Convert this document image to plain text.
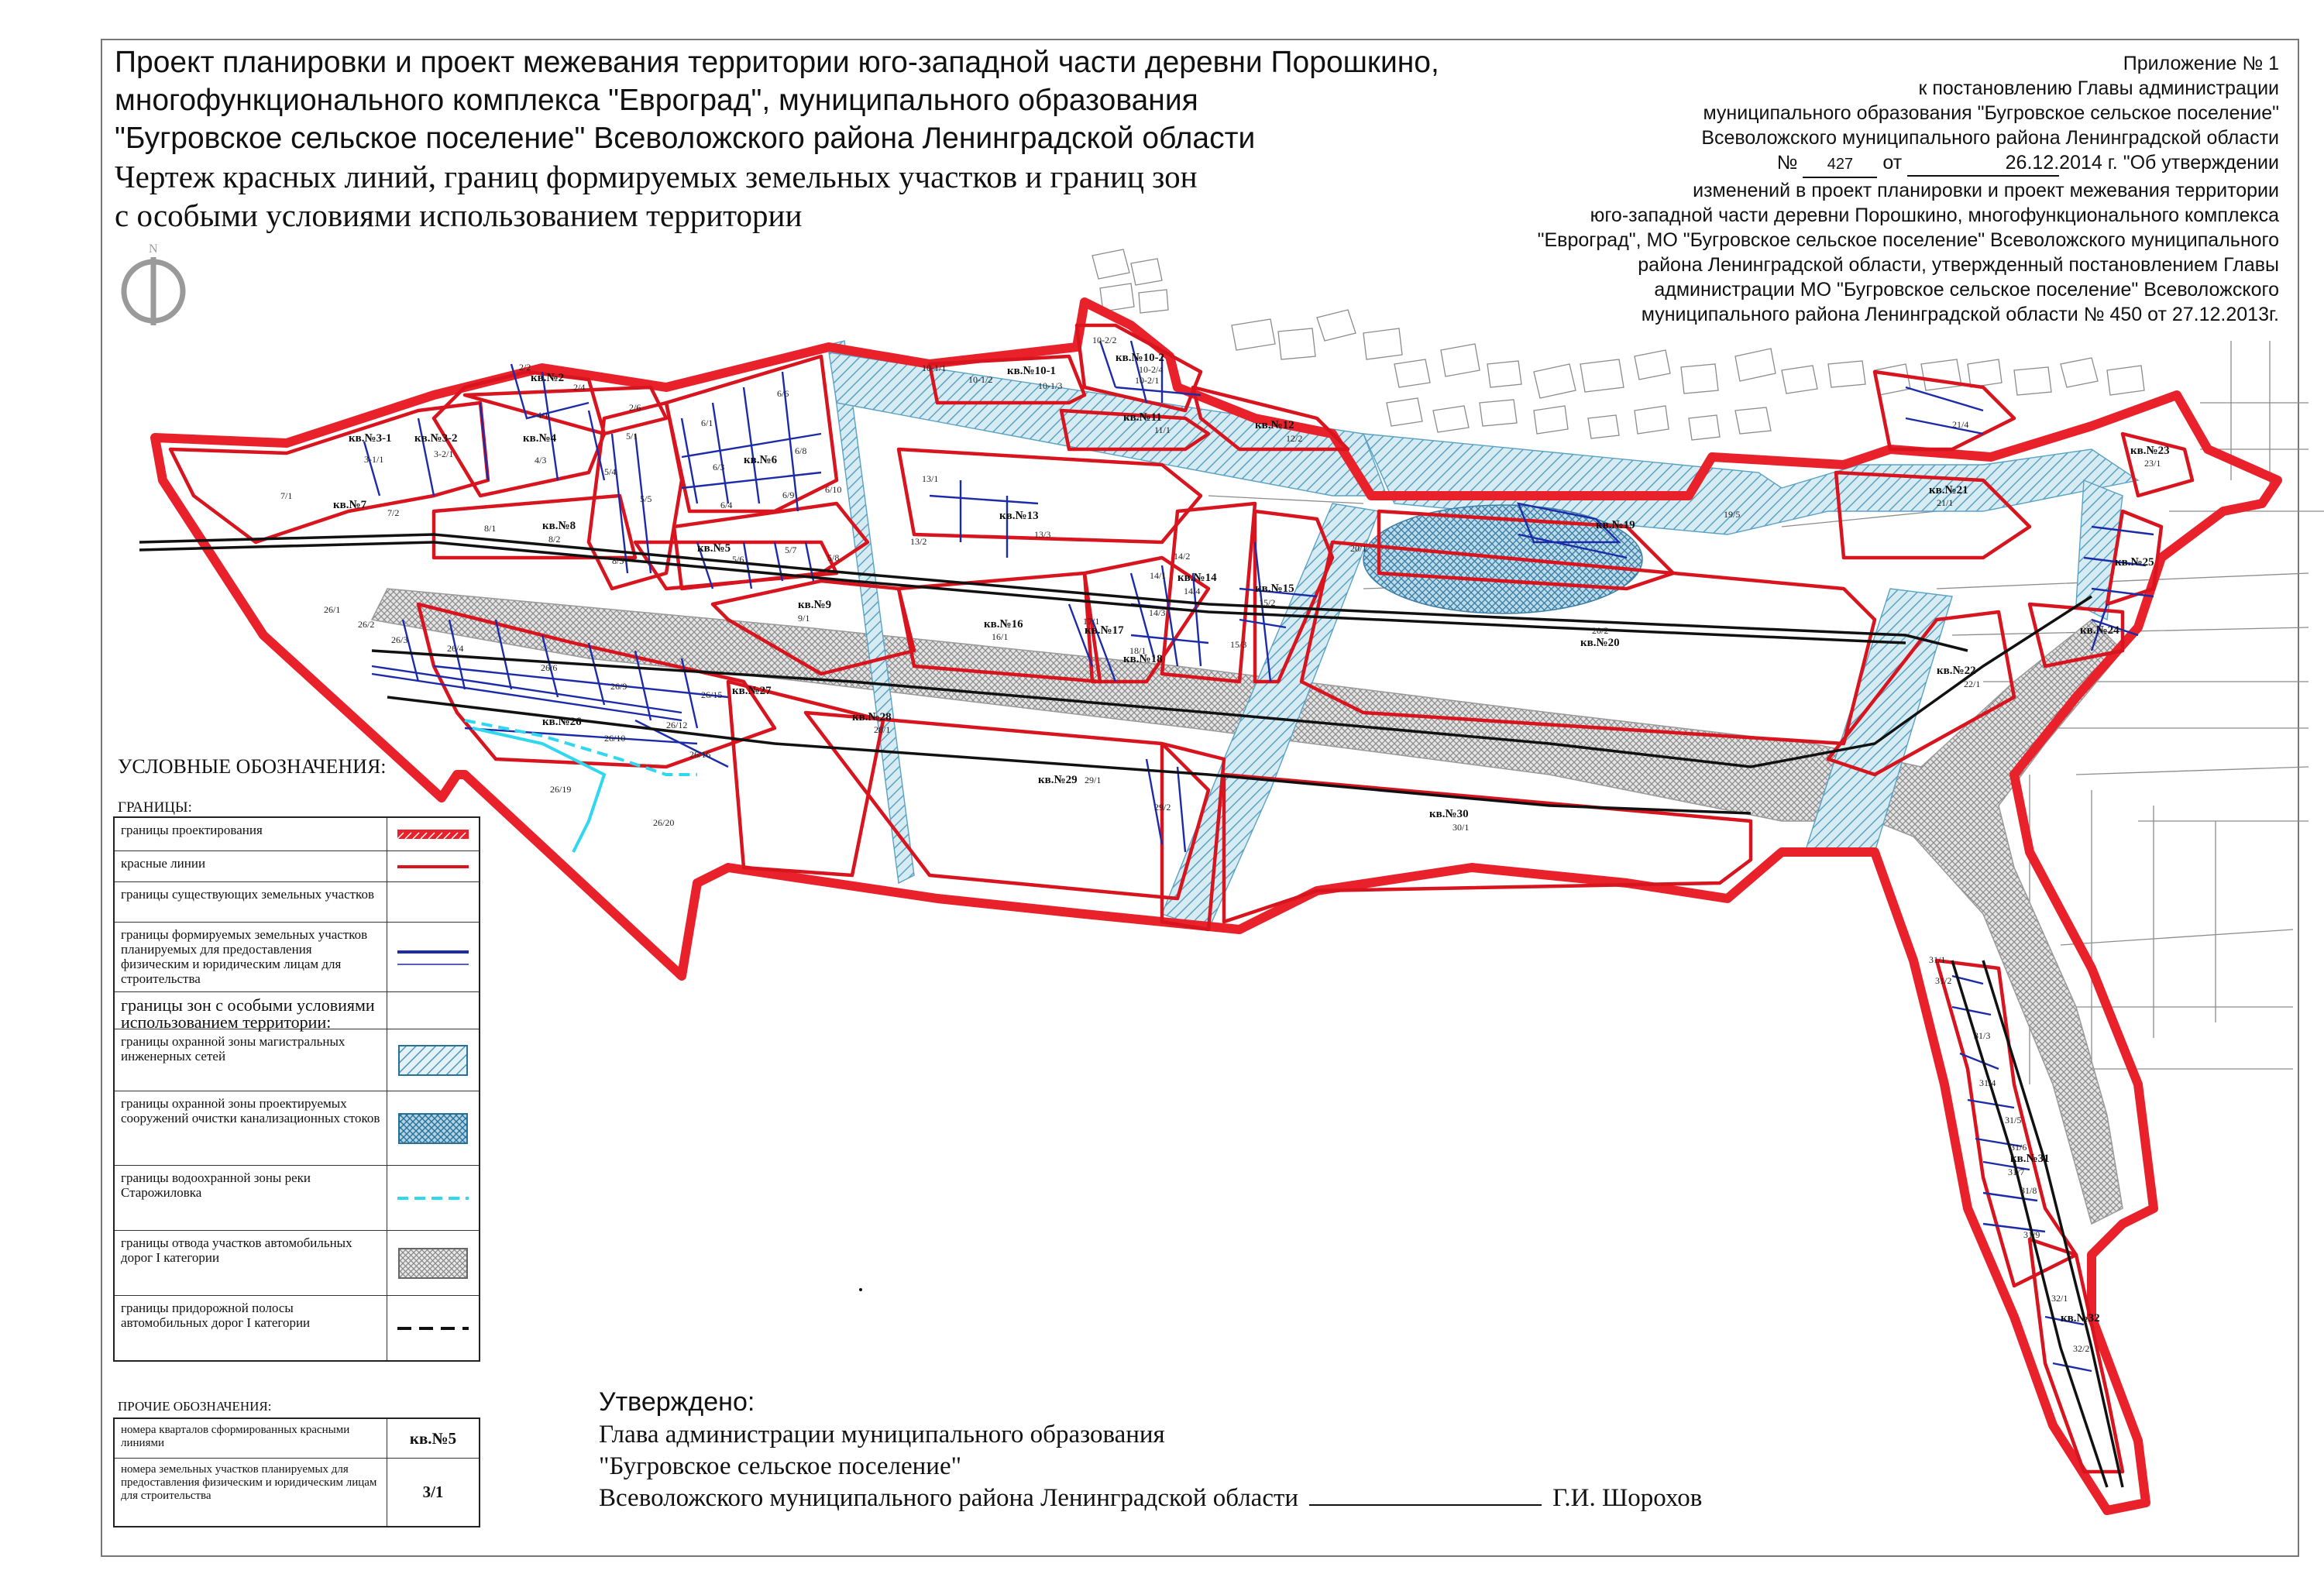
Проект планировки и проект межевания территории юго-западной части деревни Порошкино,
многофункционального комплекса "Евроград", муниципального образования
"Бугровское сельское поселение" Всеволожского района Ленинградской области
Чертеж красных линий, границ формируемых земельных участков и границ зон
с особыми условиями использованием территории
Приложение № 1
к постановлению Главы администрации
муниципального образования "Бугровское сельское поселение"
Всеволожского муниципального района Ленинградской области
№ 427 от	26.12.2014 г. "Об утверждении
изменений в проект планировки и проект межевания территории
юго-западной части деревни Порошкино, многофункционального комплекса
"Евроград", МО "Бугровское сельское поселение" Всеволожского муниципального
района Ленинградской области, утвержденный постановлением Главы
администрации МО "Бугровское сельское поселение" Всеволожского
муниципального района Ленинградской области № 450 от 27.12.2013г.
N
кв.№3-1 кв.№3-2
кв.№2
кв.№4
кв.№5
кв.№6
кв.№7
кв.№8
кв.№9
кв.№10-1
кв.№10-2
кв.№11
кв.№12
кв.№13
кв.№14
кв.№15
кв.№16	кв.№17
кв.№18
кв.№19
кв.№20
кв.№21
кв.№22
кв.№23
кв.№24
кв.№25
кв.№26
кв.№27
кв.№28
кв.№29
кв.№30
кв.№31
кв.№32
3-1/1	3-2/1
2/2
2/4
2/6
4/1
4/3
5/1
5/4
5/5
5/6
5/7
5/8
6/1
6/3
6/4
6/6
6/8
6/9	6/10
7/1
7/2
8/1
8/2
8/3
9/1
10-1/1
10-1/2
10-1/3	10-2/1
10-2/2
10-2/4
11/1
12/2
13/1
13/2
13/3
14/1
14/2
14/3
14/4
15/2
15/3
16/1
17/1
18/1
19/5
20/1
20/2
21/1
21/4
22/1
23/1
26/1
26/2
26/3
26/4
26/6
26/9
26/10
26/12
26/15
26/16
26/19
26/20
28/1
29/1
29/2
30/1
31/1
31/2
31/3
31/4
31/5
31/6
31/7
31/8
31/9
32/1
32/2
УСЛОВНЫЕ ОБОЗНАЧЕНИЯ:
ГРАНИЦЫ:
границы проектирования
красные линии
границы существующих земельных участков
границы формируемых земельных участков планируемых для предоставления физическим и юридическим лицам для строительства
границы зон с особыми условиями использованием территории:
границы охранной зоны магистральных инженерных сетей
границы охранной зоны проектируемых сооружений очистки канализационных стоков
границы водоохранной зоны реки Старожиловка
границы отвода участков автомобильных дорог I категории
границы придорожной полосы автомобильных дорог I категории
ПРОЧИЕ ОБОЗНАЧЕНИЯ:
номера кварталов сформированных красными линиями	кв.№5
номера земельных участков планируемых для предоставления физическим и юридическим лицам для строительства	3/1
Утверждено:
Глава администрации муниципального образования
"Бугровское сельское поселение"
Всеволожского муниципального района Ленинградской области	Г.И. Шорохов
